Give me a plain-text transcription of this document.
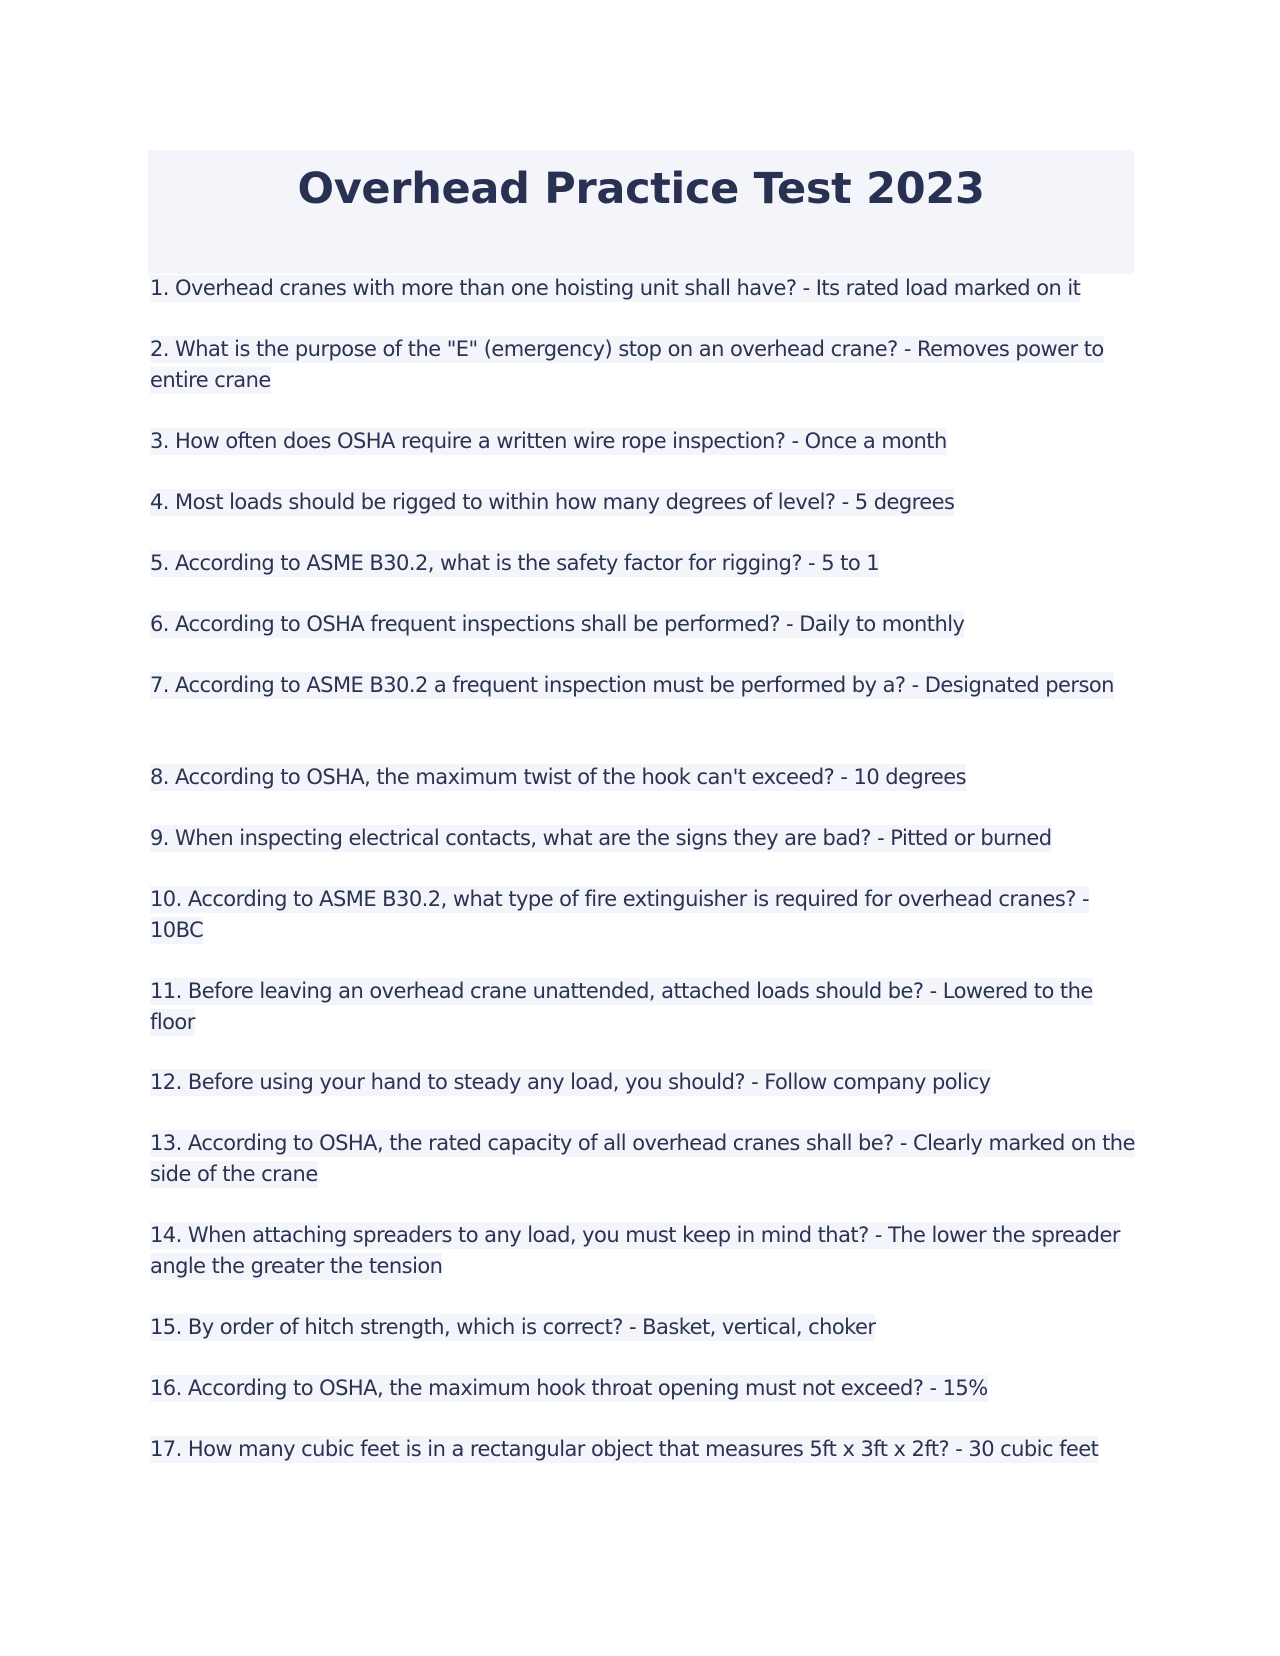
Overhead Practice Test 2023

1. Overhead cranes with more than one hoisting unit shall have? - Its rated load marked on it

2. What is the purpose of the "E" (emergency) stop on an overhead crane? - Removes power to entire crane

3. How often does OSHA require a written wire rope inspection? - Once a month

4. Most loads should be rigged to within how many degrees of level? - 5 degrees

5. According to ASME B30.2, what is the safety factor for rigging? - 5 to 1

6. According to OSHA frequent inspections shall be performed? - Daily to monthly

7. According to ASME B30.2 a frequent inspection must be performed by a? - Designated person

8. According to OSHA, the maximum twist of the hook can't exceed? - 10 degrees

9. When inspecting electrical contacts, what are the signs they are bad? - Pitted or burned

10. According to ASME B30.2, what type of fire extinguisher is required for overhead cranes? - 10BC

11. Before leaving an overhead crane unattended, attached loads should be? - Lowered to the floor

12. Before using your hand to steady any load, you should? - Follow company policy

13. According to OSHA, the rated capacity of all overhead cranes shall be? - Clearly marked on the side of the crane

14. When attaching spreaders to any load, you must keep in mind that? - The lower the spreader angle the greater the tension

15. By order of hitch strength, which is correct? - Basket, vertical, choker

16. According to OSHA, the maximum hook throat opening must not exceed? - 15%

17. How many cubic feet is in a rectangular object that measures 5ft x 3ft x 2ft? - 30 cubic feet
